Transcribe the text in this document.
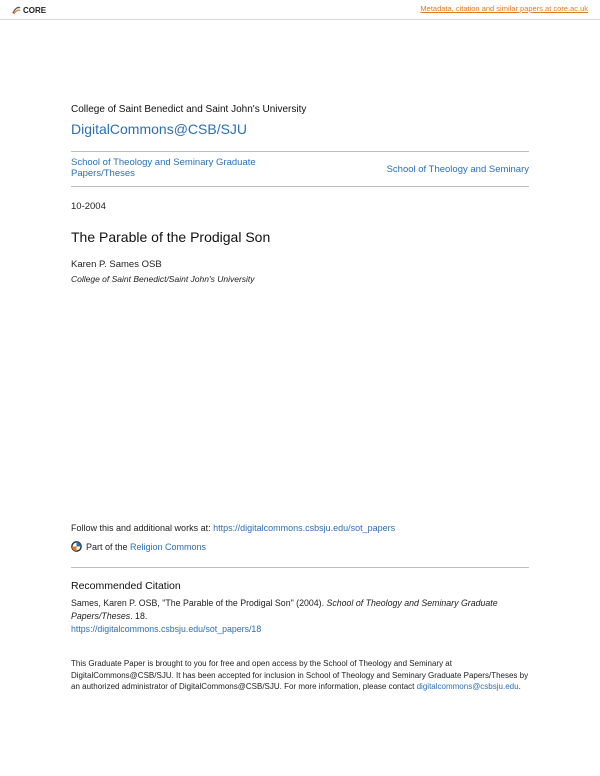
CORE	Metadata, citation and similar papers at core.ac.uk
College of Saint Benedict and Saint John's University
DigitalCommons@CSB/SJU
School of Theology and Seminary Graduate Papers/Theses	School of Theology and Seminary
10-2004
The Parable of the Prodigal Son
Karen P. Sames OSB
College of Saint Benedict/Saint John's University
Follow this and additional works at: https://digitalcommons.csbsju.edu/sot_papers
Part of the Religion Commons
Recommended Citation
Sames, Karen P. OSB, "The Parable of the Prodigal Son" (2004). School of Theology and Seminary Graduate Papers/Theses. 18.
https://digitalcommons.csbsju.edu/sot_papers/18
This Graduate Paper is brought to you for free and open access by the School of Theology and Seminary at DigitalCommons@CSB/SJU. It has been accepted for inclusion in School of Theology and Seminary Graduate Papers/Theses by an authorized administrator of DigitalCommons@CSB/SJU. For more information, please contact digitalcommons@csbsju.edu.
